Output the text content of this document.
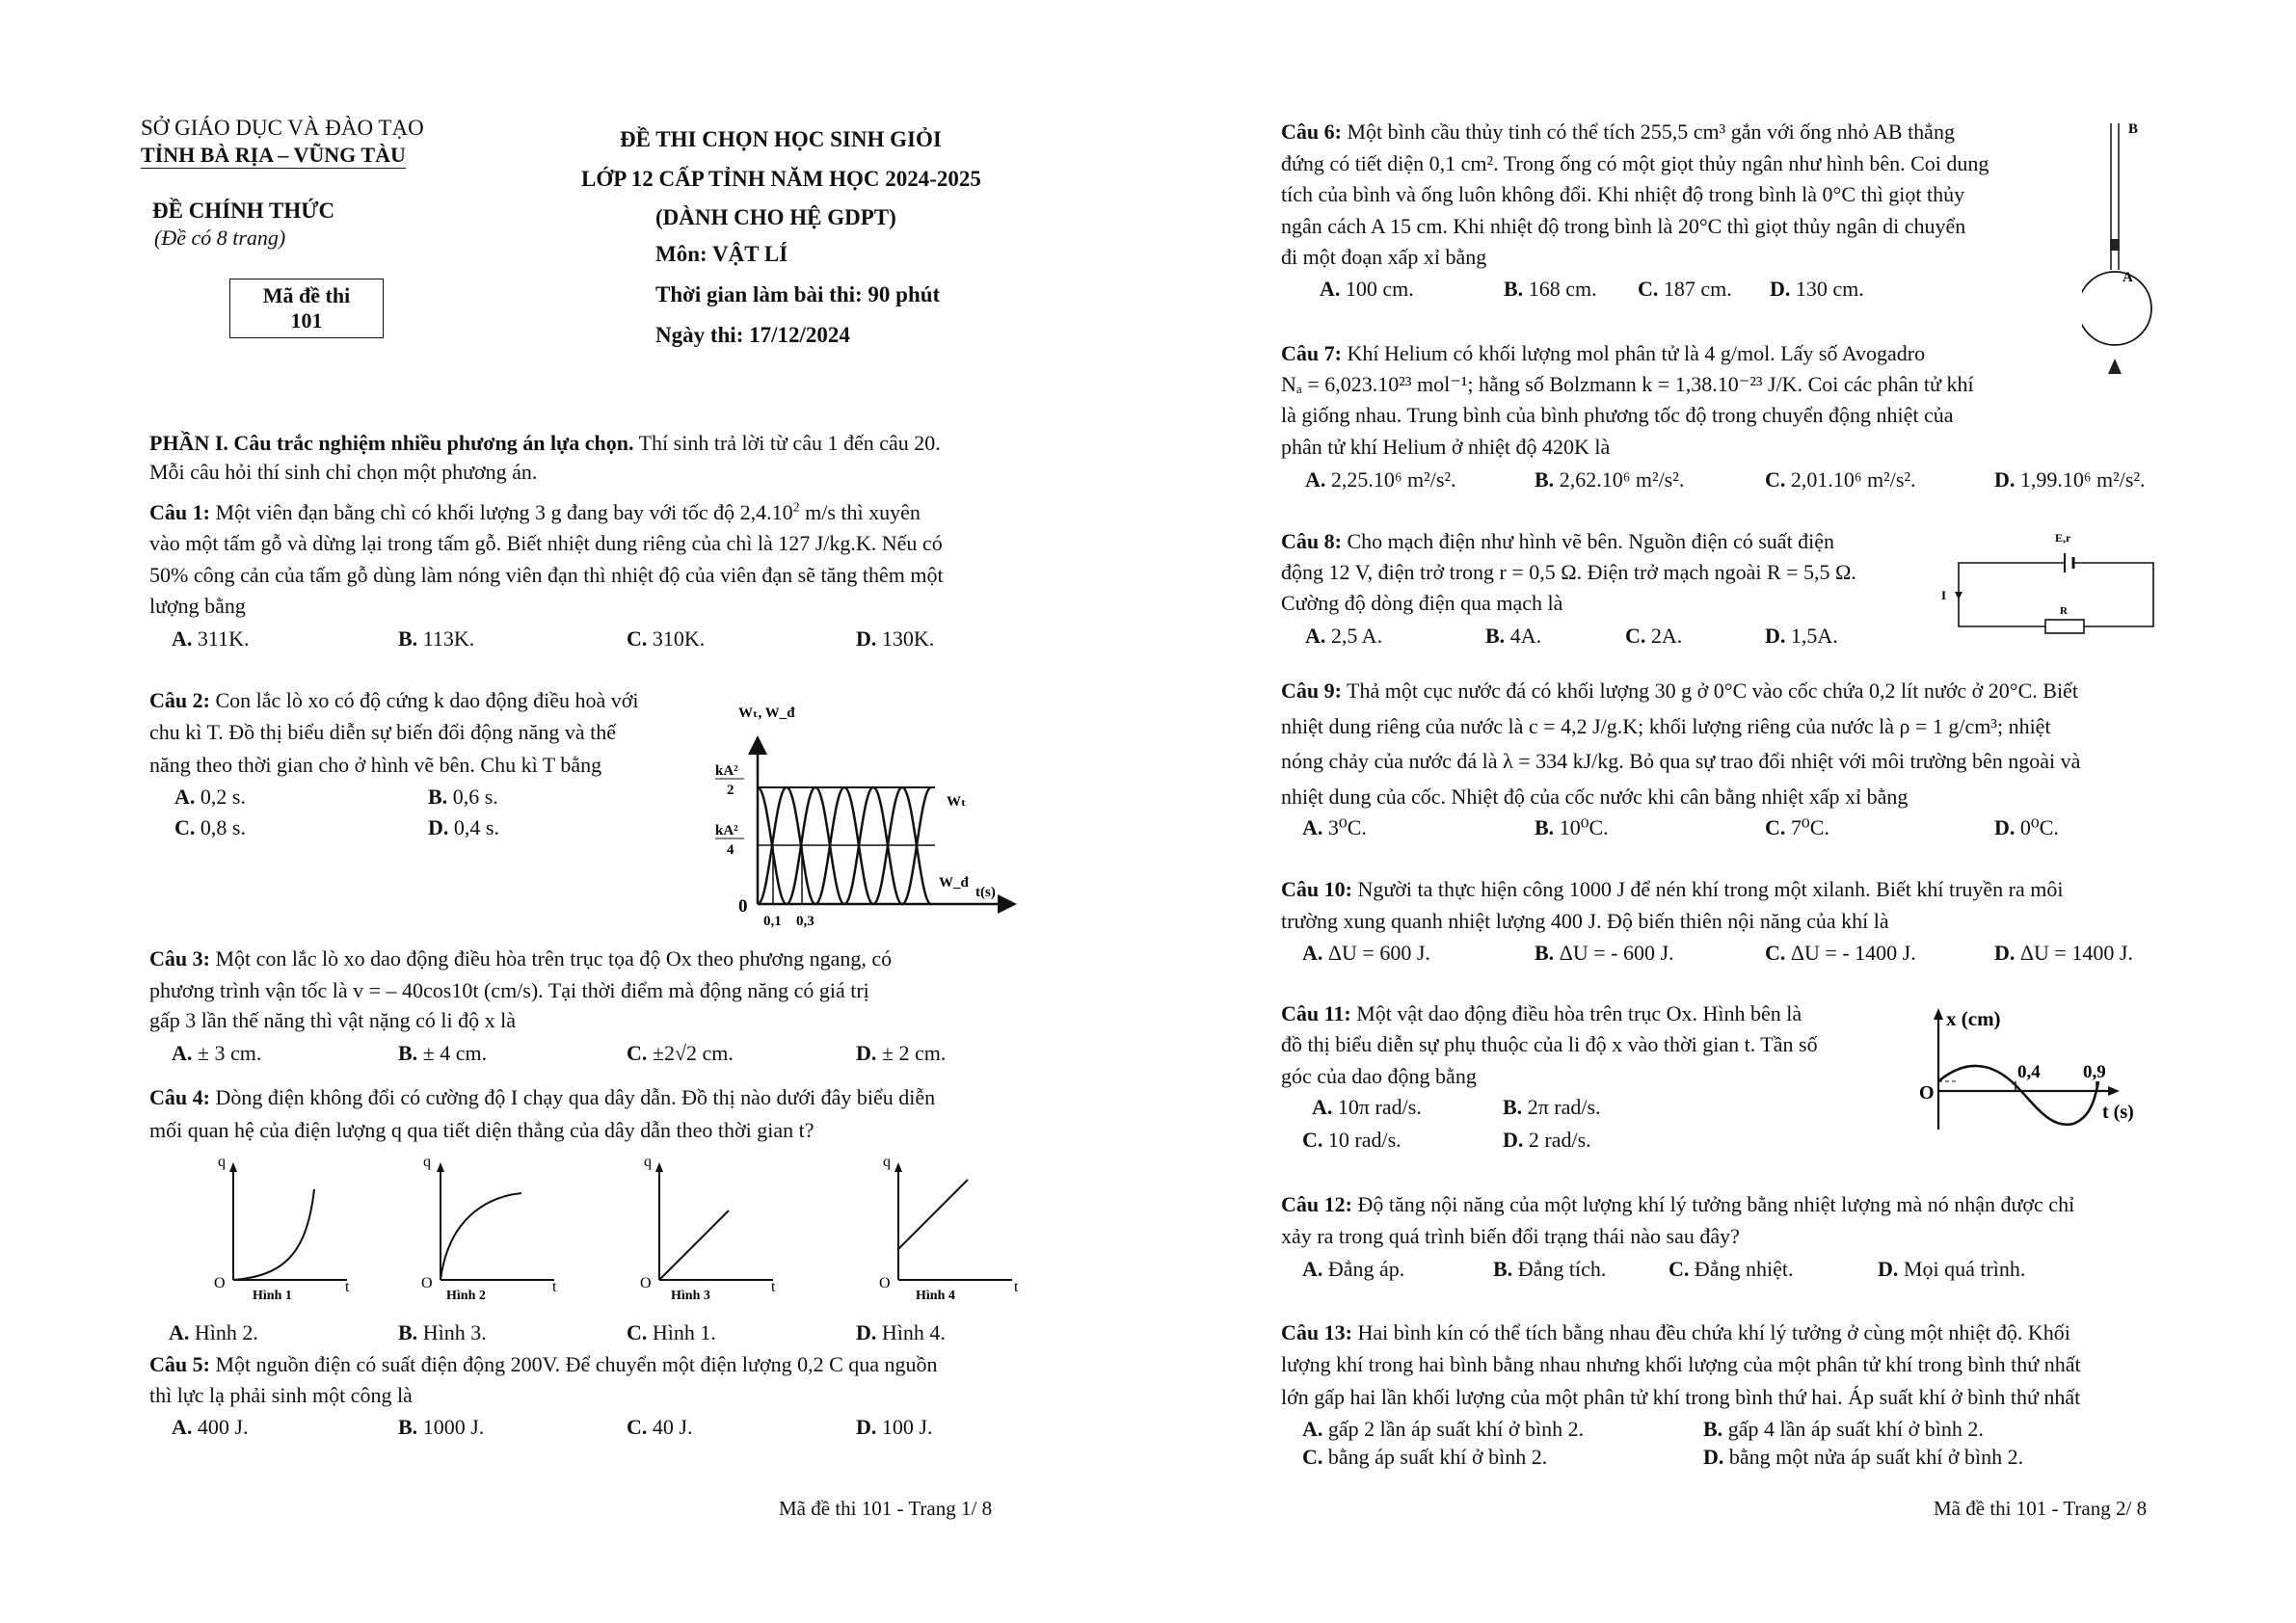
SỞ GIÁO DỤC VÀ ĐÀO TẠO
TỈNH BÀ RỊA – VŨNG TÀU
ĐỀ CHÍNH THỨC
(Đề có 8 trang)
Mã đề thi
101
ĐỀ THI CHỌN HỌC SINH GIỎI
LỚP 12 CẤP TỈNH NĂM HỌC 2024-2025
(DÀNH CHO HỆ GDPT)
Môn: VẬT LÍ
Thời gian làm bài thi: 90 phút
Ngày thi: 17/12/2024
PHẦN I. Câu trắc nghiệm nhiều phương án lựa chọn. Thí sinh trả lời từ câu 1 đến câu 20.
Mỗi câu hỏi thí sinh chỉ chọn một phương án.
Câu 1: Một viên đạn bằng chì có khối lượng 3 g đang bay với tốc độ 2,4.10$^2$ m/s thì xuyên
vào một tấm gỗ và dừng lại trong tấm gỗ. Biết nhiệt dung riêng của chì là 127 J/kg.K. Nếu có
50% công cản của tấm gỗ dùng làm nóng viên đạn thì nhiệt độ của viên đạn sẽ tăng thêm một
lượng bằng
A. 311K.	B. 113K.	C. 310K.	D. 130K.
Câu 2: Con lắc lò xo có độ cứng k dao động điều hoà với
chu kì T. Đồ thị biểu diễn sự biến đổi động năng và thế
năng theo thời gian cho ở hình vẽ bên. Chu kì T bằng
A. 0,2 s.	B. 0,6 s.
C. 0,8 s.	D. 0,4 s.
Wₜ, W_đ
kA²
2
kA²
4
0
Wₜ
W_đ
t(s)
0,1 0,3
Câu 3: Một con lắc lò xo dao động điều hòa trên trục tọa độ Ox theo phương ngang, có
phương trình vận tốc là v = – 40cos10t (cm/s). Tại thời điểm mà động năng có giá trị
gấp 3 lần thế năng thì vật nặng có li độ x là
A. ± 3 cm.	B. ± 4 cm.	C. ±2√2 cm.	D. ± 2 cm.
Câu 4: Dòng điện không đổi có cường độ I chạy qua dây dẫn. Đồ thị nào dưới đây biểu diễn
mối quan hệ của điện lượng q qua tiết diện thẳng của dây dẫn theo thời gian t?
q
O	t
Hình 1
q
O	t
Hình 2
q
O	t
Hình 3
q
O	t
Hình 4
A. Hình 2.	B. Hình 3.	C. Hình 1.	D. Hình 4.
Câu 5: Một nguồn điện có suất điện động 200V. Để chuyển một điện lượng 0,2 C qua nguồn
thì lực lạ phải sinh một công là
A. 400 J.	B. 1000 J.	C. 40 J.	D. 100 J.
Mã đề thi 101 - Trang 1/ 8
Câu 6: Một bình cầu thủy tinh có thể tích 255,5 cm³ gắn với ống nhỏ AB thẳng
đứng có tiết diện 0,1 cm². Trong ống có một giọt thủy ngân như hình bên. Coi dung
tích của bình và ống luôn không đổi. Khi nhiệt độ trong bình là 0°C thì giọt thủy
ngân cách A 15 cm. Khi nhiệt độ trong bình là 20°C thì giọt thủy ngân di chuyển
đi một đoạn xấp xỉ bằng
A. 100 cm.	B. 168 cm. C. 187 cm. D. 130 cm.
B
A
Câu 7: Khí Helium có khối lượng mol phân tử là 4 g/mol. Lấy số Avogadro
Nₐ = 6,023.10²³ mol⁻¹; hằng số Bolzmann k = 1,38.10⁻²³ J/K. Coi các phân tử khí
là giống nhau. Trung bình của bình phương tốc độ trong chuyển động nhiệt của
phân tử khí Helium ở nhiệt độ 420K là
A. 2,25.10⁶ m²/s².	B. 2,62.10⁶ m²/s².	C. 2,01.10⁶ m²/s².	D. 1,99.10⁶ m²/s².
Câu 8: Cho mạch điện như hình vẽ bên. Nguồn điện có suất điện
động 12 V, điện trở trong r = 0,5 Ω. Điện trở mạch ngoài R = 5,5 Ω.
Cường độ dòng điện qua mạch là
A. 2,5 A.	B. 4A.	C. 2A.	D. 1,5A.
E,r
I
R
Câu 9: Thả một cục nước đá có khối lượng 30 g ở 0°C vào cốc chứa 0,2 lít nước ở 20°C. Biết
nhiệt dung riêng của nước là c = 4,2 J/g.K; khối lượng riêng của nước là ρ = 1 g/cm³; nhiệt
nóng chảy của nước đá là λ = 334 kJ/kg. Bỏ qua sự trao đổi nhiệt với môi trường bên ngoài và
nhiệt dung của cốc. Nhiệt độ của cốc nước khi cân bằng nhiệt xấp xỉ bằng
A. 3⁰C.	B. 10⁰C.	C. 7⁰C.	D. 0⁰C.
Câu 10: Người ta thực hiện công 1000 J để nén khí trong một xilanh. Biết khí truyền ra môi
trường xung quanh nhiệt lượng 400 J. Độ biến thiên nội năng của khí là
A. ΔU = 600 J.	B. ΔU = - 600 J.	C. ΔU = - 1400 J.	D. ΔU = 1400 J.
Câu 11: Một vật dao động điều hòa trên trục Ox. Hình bên là
đồ thị biểu diễn sự phụ thuộc của li độ x vào thời gian t. Tần số
góc của dao động bằng
A. 10π rad/s.	B. 2π rad/s.
C. 10 rad/s.	D. 2 rad/s.
x (cm)
O
0,4 0,9
t (s)
Câu 12: Độ tăng nội năng của một lượng khí lý tưởng bằng nhiệt lượng mà nó nhận được chỉ
xảy ra trong quá trình biến đổi trạng thái nào sau đây?
A. Đẳng áp.	B. Đẳng tích.	C. Đẳng nhiệt.	D. Mọi quá trình.
Câu 13: Hai bình kín có thể tích bằng nhau đều chứa khí lý tưởng ở cùng một nhiệt độ. Khối
lượng khí trong hai bình bằng nhau nhưng khối lượng của một phân tử khí trong bình thứ nhất
lớn gấp hai lần khối lượng của một phân tử khí trong bình thứ hai. Áp suất khí ở bình thứ nhất
A. gấp 2 lần áp suất khí ở bình 2.	B. gấp 4 lần áp suất khí ở bình 2.
C. bằng áp suất khí ở bình 2.	D. bằng một nửa áp suất khí ở bình 2.
Mã đề thi 101 - Trang 2/ 8
